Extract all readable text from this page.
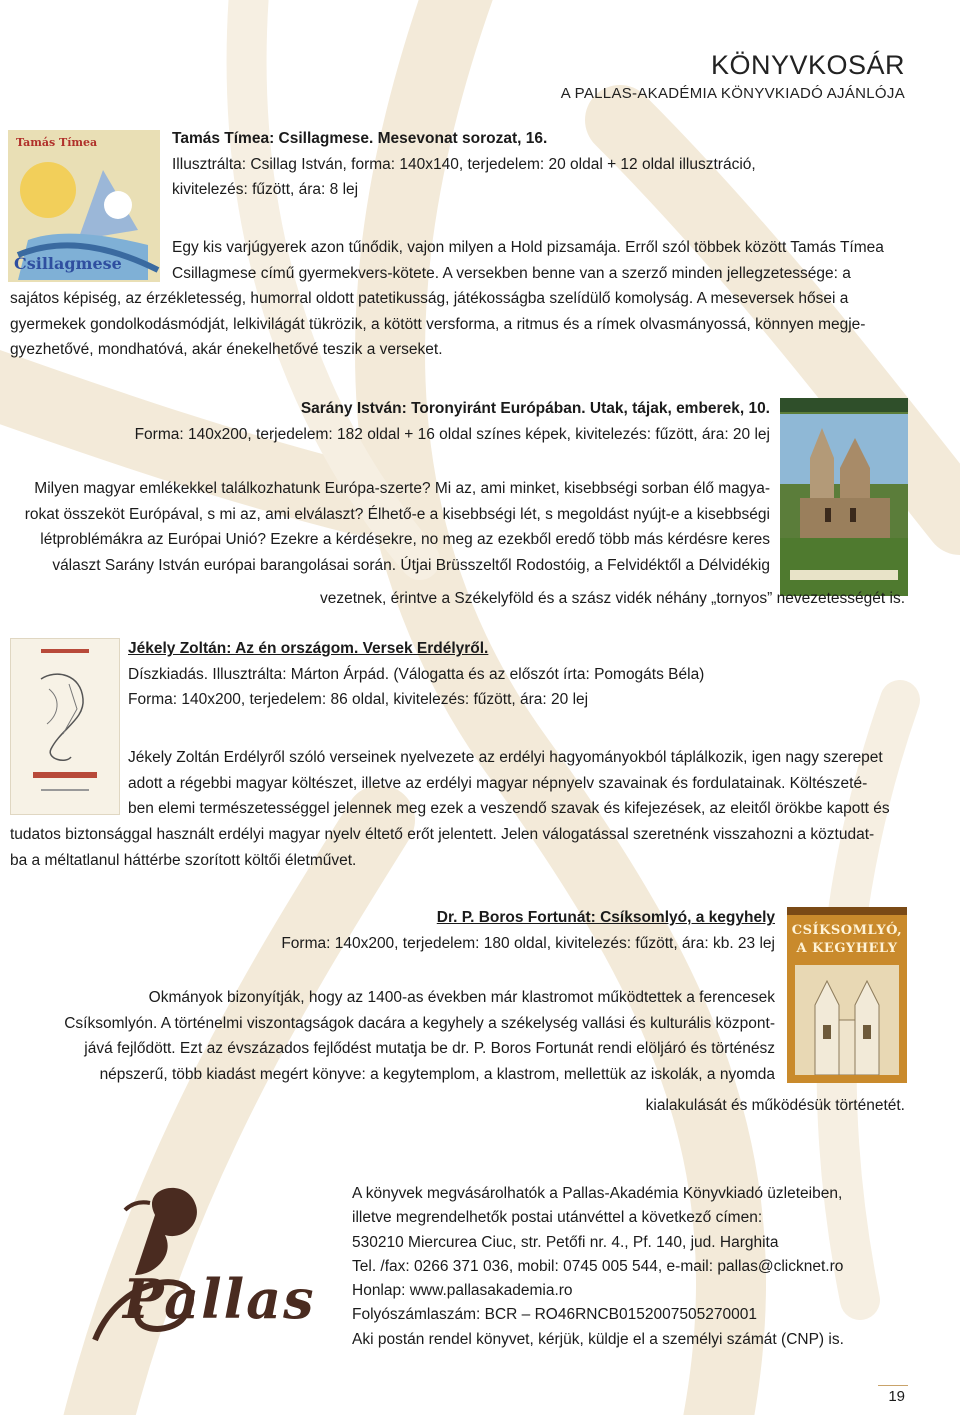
KÖNYVKOSÁR
A PALLAS-AKADÉMIA KÖNYVKIADÓ AJÁNLÓJA
Tamás Tímea
Csillagmese
Tamás Tímea: Csillagmese. Mesevonat sorozat, 16.
Illusztrálta: Csillag István, forma: 140x140, terjedelem: 20 oldal + 12 oldal illusztráció,
kivitelezés: fűzött, ára: 8 lej
Egy kis varjúgyerek azon tűnődik, vajon milyen a Hold pizsamája. Erről szól többek között Tamás Tímea
Csillagmese című gyermekvers-kötete. A versekben benne van a szerző minden jellegzetessége: a
sajátos képiség, az érzékletesség, humorral oldott patetikusság, játékosságba szelídülő komolyság. A meseversek hősei a
gyermekek gondolkodásmódját, lelkivilágát tükrözik, a kötött versforma, a ritmus és a rímek olvasmányossá, könnyen megje-
gyezhetővé, mondhatóvá, akár énekelhetővé teszik a verseket.
Sarány István: Toronyiránt Európában. Utak, tájak, emberek, 10.
Forma: 140x200, terjedelem: 182 oldal + 16 oldal színes képek, kivitelezés: fűzött, ára: 20 lej
Milyen magyar emlékekkel találkozhatunk Európa-szerte? Mi az, ami minket, kisebbségi sorban élő magya-
rokat összeköt Európával, s mi az, ami elválaszt? Élhető-e a kisebbségi lét, s megoldást nyújt-e a kisebbségi
létproblémákra az Európai Unió? Ezekre a kérdésekre, no meg az ezekből eredő több más kérdésre keres
választ Sarány István európai barangolásai során. Útjai Brüsszeltől Rodostóig, a Felvidéktől a Délvidékig
vezetnek, érintve a Székelyföld és a szász vidék néhány „tornyos” nevezetességét is.
Jékely Zoltán: Az én országom. Versek Erdélyről.
Díszkiadás. Illusztrálta: Márton Árpád. (Válogatta és az előszót írta: Pomogáts Béla)
Forma: 140x200, terjedelem: 86 oldal, kivitelezés: fűzött, ára: 20 lej
Jékely Zoltán Erdélyről szóló verseinek nyelvezete az erdélyi hagyományokból táplálkozik, igen nagy szerepet
adott a régebbi magyar költészet, illetve az erdélyi magyar népnyelv szavainak és fordulatainak. Költészeté-
ben elemi természetességgel jelennek meg ezek a veszendő szavak és kifejezések, az eleitől örökbe kapott és
tudatos biztonsággal használt erdélyi magyar nyelv éltető erőt jelentett. Jelen válogatással szeretnénk visszahozni a köztudat-
ba a méltatlanul háttérbe szorított költői életművet.
CSÍKSOMLYÓ,
A KEGYHELY
Dr. P. Boros Fortunát: Csíksomlyó, a kegyhely
Forma: 140x200, terjedelem: 180 oldal, kivitelezés: fűzött, ára: kb. 23 lej
Okmányok bizonyítják, hogy az 1400-as években már klastromot működtettek a ferencesek
Csíksomlyón. A történelmi viszontagságok dacára a kegyhely a székelység vallási és kulturális központ-
jává fejlődött. Ezt az évszázados fejlődést mutatja be dr. P. Boros Fortunát rendi elöljáró és történész
népszerű, több kiadást megért könyve: a kegytemplom, a klastrom, mellettük az iskolák, a nyomda
kialakulását és működésük történetét.
Pallas
A könyvek megvásárolhatók a Pallas-Akadémia Könyvkiadó üzleteiben,
illetve megrendelhetők postai utánvéttel a következő címen:
530210 Miercurea Ciuc, str. Petőfi nr. 4., Pf. 140, jud. Harghita
Tel. /fax: 0266 371 036, mobil: 0745 005 544, e-mail: pallas@clicknet.ro
Honlap: www.pallasakademia.ro
Folyószámlaszám: BCR – RO46RNCB0152007505270001
Aki postán rendel könyvet, kérjük, küldje el a személyi számát (CNP) is.
19
